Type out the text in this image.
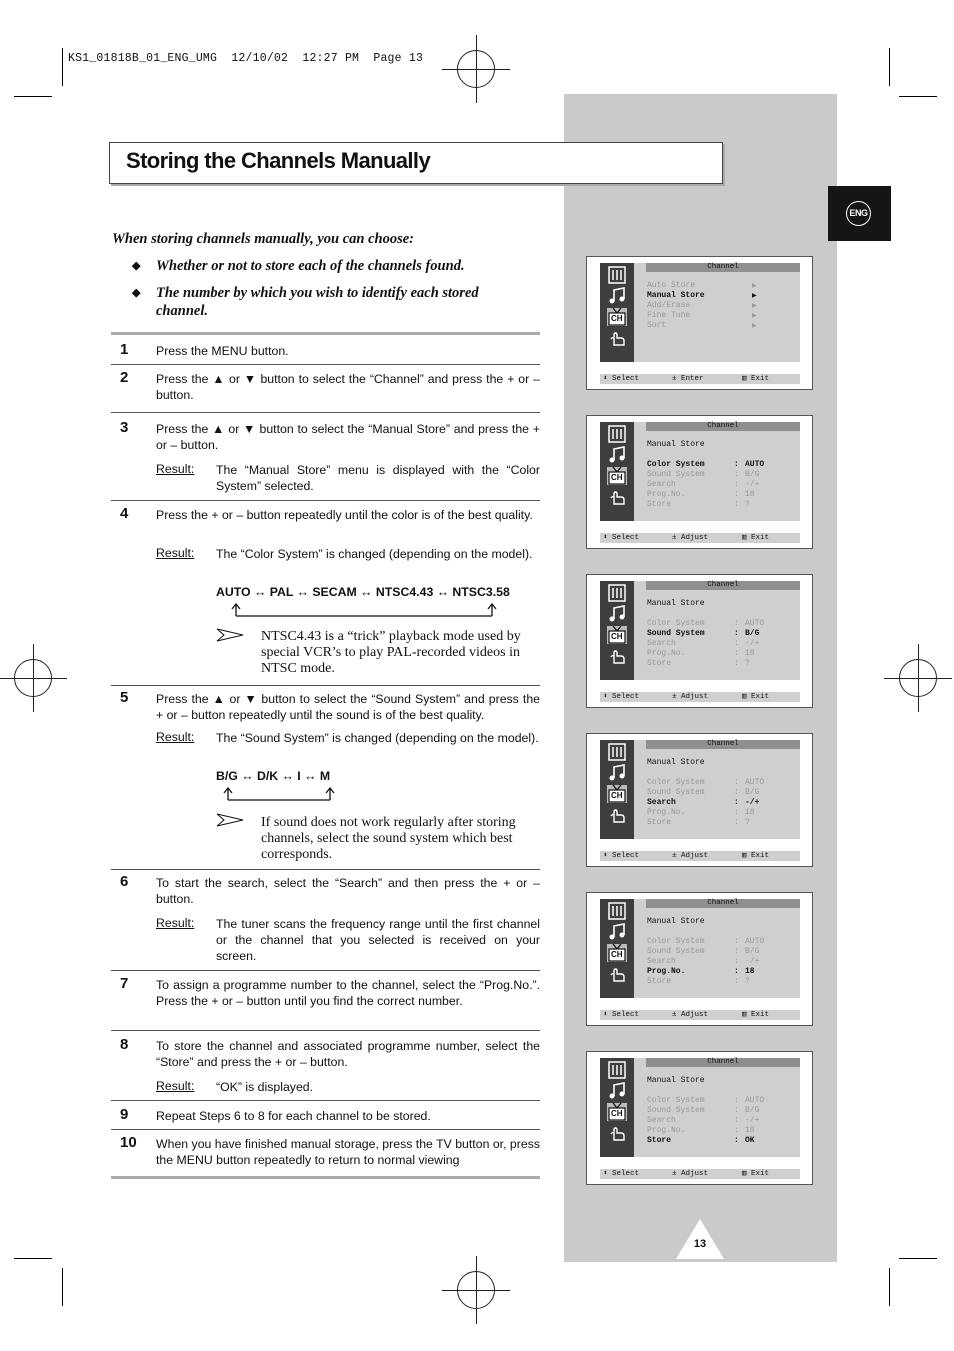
KS1_01818B_01_ENG_UMG  12/10/02  12:27 PM  Page 13
ENG
Storing the Channels Manually
When storing channels manually, you can choose:
◆ Whether or not to store each of the channels found.
◆ The number by which you wish to identify each stored channel.
1 Press the MENU button.
2 Press the ▲ or ▼ button to select the “Channel” and press the + or – button.
3 Press the ▲ or ▼ button to select the “Manual Store” and press the + or – button.
Result: The “Manual Store” menu is displayed with the “Color System” selected.
4 Press the + or – button repeatedly until the color is of the best quality.
Result: The “Color System” is changed (depending on the model).
AUTO ↔ PAL ↔ SECAM ↔ NTSC4.43 ↔ NTSC3.58
NTSC4.43 is a “trick” playback mode used by special VCR’s to play PAL-recorded videos in NTSC mode.
5 Press the ▲ or ▼ button to select the “Sound System” and press the + or – button repeatedly until the sound is of the best quality.
Result: The “Sound System” is changed (depending on the model).
B/G ↔ D/K ↔ I ↔ M
If sound does not work regularly after storing channels, select the sound system which best corresponds.
6 To start the search, select the “Search” and then press the + or – button.
Result: The tuner scans the frequency range until the first channel or the channel that you selected is received on your screen.
7 To assign a programme number to the channel, select the “Prog.No.”. Press the + or – button until you find the correct number.
8 To store the channel and associated programme number, select the “Store” and press the + or – button.
Result: “OK” is displayed.
9 Repeat Steps 6 to 8 for each channel to be stored.
10 When you have finished manual storage, press the TV button or, press the MENU button repeatedly to return to normal viewing
CH
Channel
Auto Store	▶
Manual Store	▶
Add/Erase	▶
Fine Tune	▶
Sort	▶
⬍ Select	± Enter	▥ Exit
CH
Channel
Manual Store
Color System	: AUTO
Sound System	: B/G
Search	: -/+
Prog.No.	: 18
Store	: ?
⬍ Select	± Adjust	▥ Exit
CH
Channel
Manual Store
Color System	: AUTO
Sound System	: B/G
Search	: -/+
Prog.No.	: 18
Store	: ?
⬍ Select	± Adjust	▥ Exit
CH
Channel
Manual Store
Color System	: AUTO
Sound System	: B/G
Search	: -/+
Prog.No.	: 18
Store	: ?
⬍ Select	± Adjust	▥ Exit
CH
Channel
Manual Store
Color System	: AUTO
Sound System	: B/G
Search	: -/+
Prog.No.	: 18
Store	: ?
⬍ Select	± Adjust	▥ Exit
CH
Channel
Manual Store
Color System	: AUTO
Sound System	: B/G
Search	: -/+
Prog.No.	: 18
Store	: OK
⬍ Select	± Adjust	▥ Exit
13
